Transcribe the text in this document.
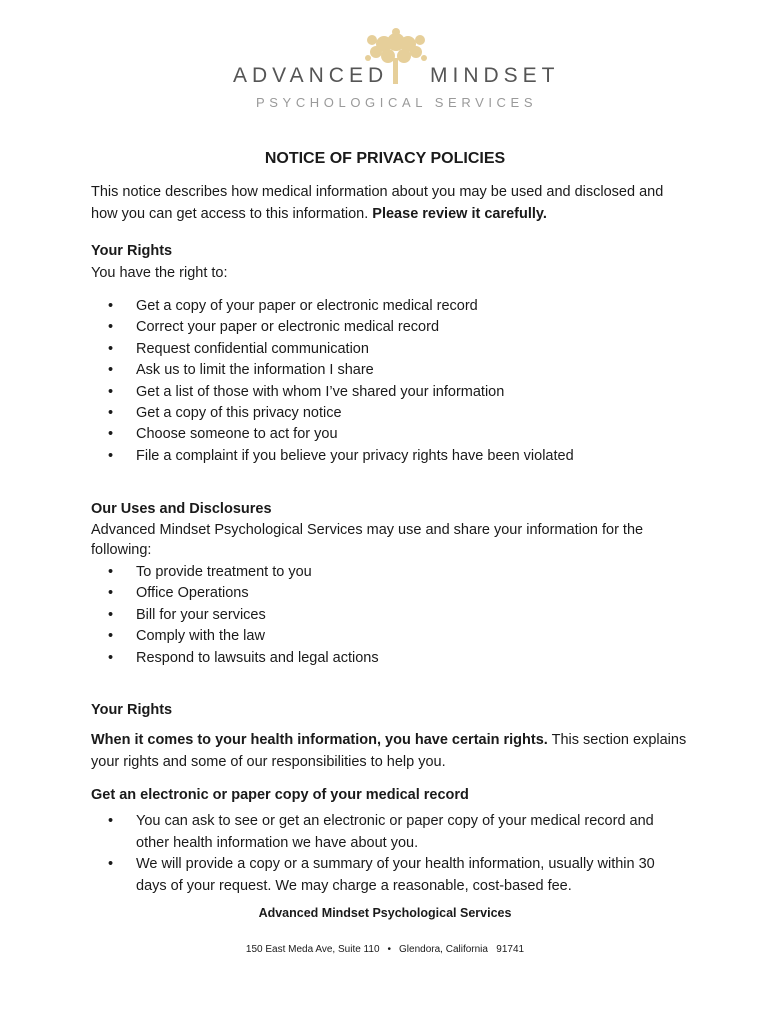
ADVANCED MINDSET
PSYCHOLOGICAL SERVICES
NOTICE OF PRIVACY POLICIES

This notice describes how medical information about you may be used and disclosed and how you can get access to this information. Please review it carefully.

Your Rights
You have the right to:
• Get a copy of your paper or electronic medical record
• Correct your paper or electronic medical record
• Request confidential communication
• Ask us to limit the information I share
• Get a list of those with whom I’ve shared your information
• Get a copy of this privacy notice
• Choose someone to act for you
• File a complaint if you believe your privacy rights have been violated
Our Uses and Disclosures
Advanced Mindset Psychological Services may use and share your information for the following:
• To provide treatment to you
• Office Operations
• Bill for your services
• Comply with the law
• Respond to lawsuits and legal actions
Your Rights

When it comes to your health information, you have certain rights. This section explains your rights and some of our responsibilities to help you.

Get an electronic or paper copy of your medical record
• You can ask to see or get an electronic or paper copy of your medical record and other health information we have about you.
• We will provide a copy or a summary of your health information, usually within 30 days of your request. We may charge a reasonable, cost-based fee.
Advanced Mindset Psychological Services
150 East Meda Ave, Suite 110 • Glendora, California   91741
